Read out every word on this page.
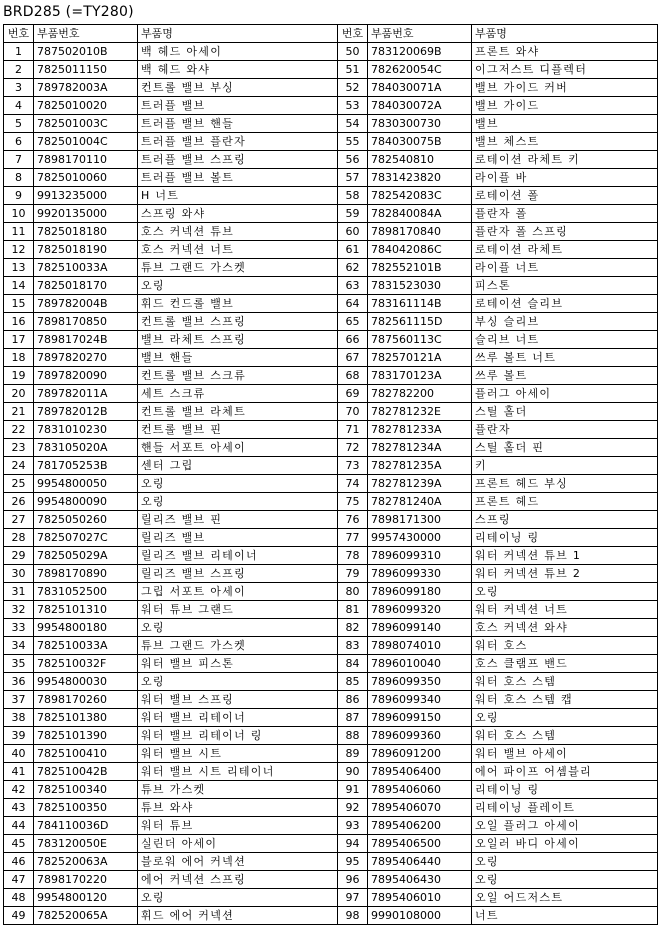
BRD285 (=TY280)
번호	부품번호	부품명	번호	부품번호	부품명
1	787502010B	백 헤드 아세이	50	783120069B	프론트 와샤
2	7825011150	백 헤드 와샤	51	782620054C	이그저스트 디플렉터
3	789782003A	컨트롤 밸브 부싱	52	784030071A	밸브 가이드 커버
4	7825010020	트러플 밸브	53	784030072A	밸브 가이드
5	782501003C	트러플 밸브 핸들	54	7830300730	밸브
6	782501004C	트러플 밸브 플란자	55	784030075B	밸브 체스트
7	7898170110	트러플 밸브 스프링	56	782540810	로테이션 라체트 키
8	7825010060	트러플 밸브 볼트	57	7831423820	라이플 바
9	9913235000	H 너트	58	782542083C	로테이션 폴
10	9920135000	스프링 와샤	59	782840084A	플란자 폴
11	7825018180	호스 커넥션 튜브	60	7898170840	플란자 폴 스프링
12	7825018190	호스 커넥션 너트	61	784042086C	로테이션 라체트
13	782510033A	튜브 그랜드 가스켓	62	782552101B	라이플 너트
14	7825018170	오링	63	7831523030	피스톤
15	789782004B	휘드 컨드롤 밸브	64	783161114B	로테이션 슬리브
16	7898170850	컨트롤 밸브 스프링	65	782561115D	부싱 슬리브
17	789817024B	밸브 라체트 스프링	66	787560113C	슬리브 너트
18	7897820270	밸브 핸들	67	782570121A	쓰루 볼트 너트
19	7897820090	컨트롤 밸브 스크류	68	783170123A	쓰루 볼트
20	789782011A	세트 스크류	69	782782200	플러그 아세이
21	789782012B	컨트롤 밸브 라체트	70	782781232E	스틸 홀더
22	7831010230	컨트롤 밸브 핀	71	782781233A	플란자
23	783105020A	핸들 서포트 아세이	72	782781234A	스틸 홀더 핀
24	781705253B	센터 그립	73	782781235A	키
25	9954800050	오링	74	782781239A	프론트 헤드 부싱
26	9954800090	오링	75	782781240A	프론트 헤드
27	7825050260	릴리즈 밸브 핀	76	7898171300	스프링
28	782507027C	릴리즈 밸브	77	9957430000	리테이닝 링
29	782505029A	릴리즈 밸브 리테이너	78	7896099310	워터 커넥션 튜브 1
30	7898170890	릴리즈 밸브 스프링	79	7896099330	워터 커넥션 튜브 2
31	7831052500	그립 서포트 아세이	80	7896099180	오링
32	7825101310	워터 튜브 그랜드	81	7896099320	워터 커넥션 너트
33	9954800180	오링	82	7896099140	호스 커넥션 와샤
34	782510033A	튜브 그랜드 가스켓	83	7898074010	워터 호스
35	782510032F	워터 밸브 피스톤	84	7896010040	호스 클램프 밴드
36	9954800030	오링	85	7896099350	워터 호스 스템
37	7898170260	워터 밸브 스프링	86	7896099340	워터 호스 스템 캡
38	7825101380	워터 밸브 리테이너	87	7896099150	오링
39	7825101390	워터 밸브 리테이너 링	88	7896099360	워터 호스 스템
40	7825100410	워터 밸브 시트	89	7896091200	워터 밸브 아세이
41	782510042B	워터 밸브 시트 리테이너	90	7895406400	에어 파이프 어셈블리
42	7825100340	튜브 가스켓	91	7895406060	리테이닝 링
43	7825100350	튜브 와샤	92	7895406070	리테이닝 플레이트
44	784110036D	워터 튜브	93	7895406200	오일 플러그 아세이
45	783120050E	실린더 아세이	94	7895406500	오일러 바디 아세이
46	782520063A	블로워 에어 커넥션	95	7895406440	오링
47	7898170220	에어 커넥션 스프링	96	7895406430	오링
48	9954800120	오링	97	7895406010	오일 어드저스트
49	782520065A	휘드 에어 커넥션	98	9990108000	너트
